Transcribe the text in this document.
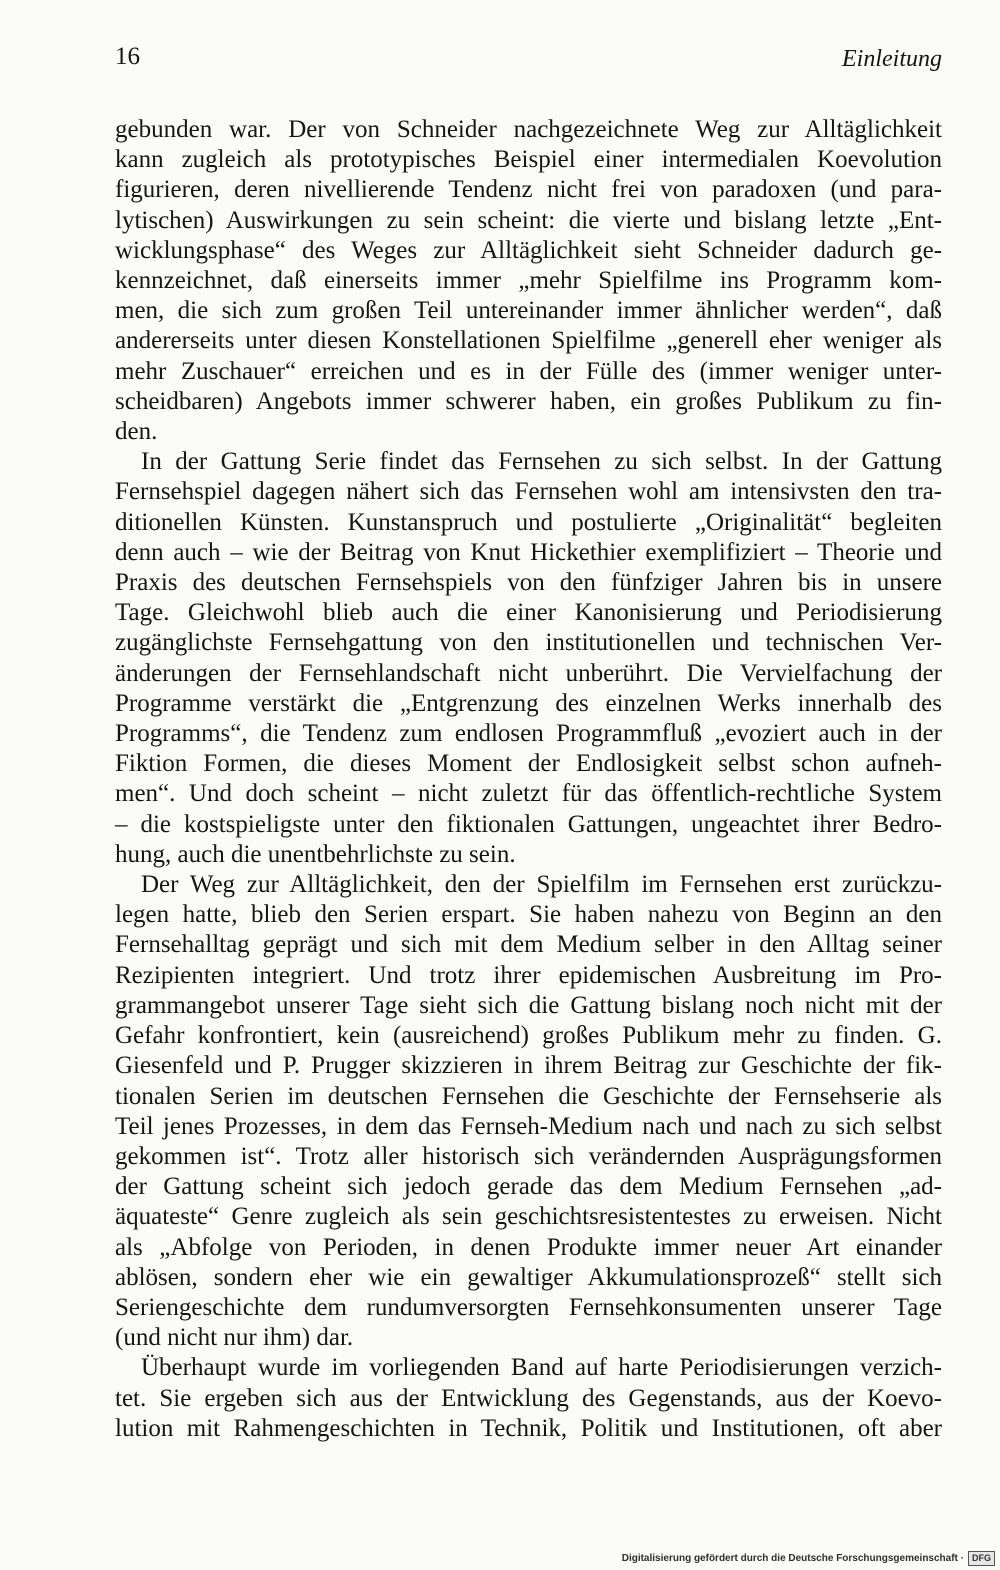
16	Einleitung
gebunden war. Der von Schneider nachgezeichnete Weg zur Alltäglichkeit
kann zugleich als prototypisches Beispiel einer intermedialen Koevolution
figurieren, deren nivellierende Tendenz nicht frei von paradoxen (und para-
lytischen) Auswirkungen zu sein scheint: die vierte und bislang letzte „Ent-
wicklungsphase“ des Weges zur Alltäglichkeit sieht Schneider dadurch ge-
kennzeichnet, daß einerseits immer „mehr Spielfilme ins Programm kom-
men, die sich zum großen Teil untereinander immer ähnlicher werden“, daß
andererseits unter diesen Konstellationen Spielfilme „generell eher weniger als
mehr Zuschauer“ erreichen und es in der Fülle des (immer weniger unter-
scheidbaren) Angebots immer schwerer haben, ein großes Publikum zu fin-
den.
In der Gattung Serie findet das Fernsehen zu sich selbst. In der Gattung
Fernsehspiel dagegen nähert sich das Fernsehen wohl am intensivsten den tra-
ditionellen Künsten. Kunstanspruch und postulierte „Originalität“ begleiten
denn auch – wie der Beitrag von Knut Hickethier exemplifiziert – Theorie und
Praxis des deutschen Fernsehspiels von den fünfziger Jahren bis in unsere
Tage. Gleichwohl blieb auch die einer Kanonisierung und Periodisierung
zugänglichste Fernsehgattung von den institutionellen und technischen Ver-
änderungen der Fernsehlandschaft nicht unberührt. Die Vervielfachung der
Programme verstärkt die „Entgrenzung des einzelnen Werks innerhalb des
Programms“, die Tendenz zum endlosen Programmfluß „evoziert auch in der
Fiktion Formen, die dieses Moment der Endlosigkeit selbst schon aufneh-
men“. Und doch scheint – nicht zuletzt für das öffentlich-rechtliche System
– die kostspieligste unter den fiktionalen Gattungen, ungeachtet ihrer Bedro-
hung, auch die unentbehrlichste zu sein.
Der Weg zur Alltäglichkeit, den der Spielfilm im Fernsehen erst zurückzu-
legen hatte, blieb den Serien erspart. Sie haben nahezu von Beginn an den
Fernsehalltag geprägt und sich mit dem Medium selber in den Alltag seiner
Rezipienten integriert. Und trotz ihrer epidemischen Ausbreitung im Pro-
grammangebot unserer Tage sieht sich die Gattung bislang noch nicht mit der
Gefahr konfrontiert, kein (ausreichend) großes Publikum mehr zu finden. G.
Giesenfeld und P. Prugger skizzieren in ihrem Beitrag zur Geschichte der fik-
tionalen Serien im deutschen Fernsehen die Geschichte der Fernsehserie als
Teil jenes Prozesses, in dem das Fernseh-Medium nach und nach zu sich selbst
gekommen ist“. Trotz aller historisch sich verändernden Ausprägungsformen
der Gattung scheint sich jedoch gerade das dem Medium Fernsehen „ad-
äquateste“ Genre zugleich als sein geschichtsresistentestes zu erweisen. Nicht
als „Abfolge von Perioden, in denen Produkte immer neuer Art einander
ablösen, sondern eher wie ein gewaltiger Akkumulationsprozeß“ stellt sich
Seriengeschichte dem rundumversorgten Fernsehkonsumenten unserer Tage
(und nicht nur ihm) dar.
Überhaupt wurde im vorliegenden Band auf harte Periodisierungen verzich-
tet. Sie ergeben sich aus der Entwicklung des Gegenstands, aus der Koevo-
lution mit Rahmengeschichten in Technik, Politik und Institutionen, oft aber
Digitalisierung gefördert durch die Deutsche Forschungsgemeinschaft · DFG
